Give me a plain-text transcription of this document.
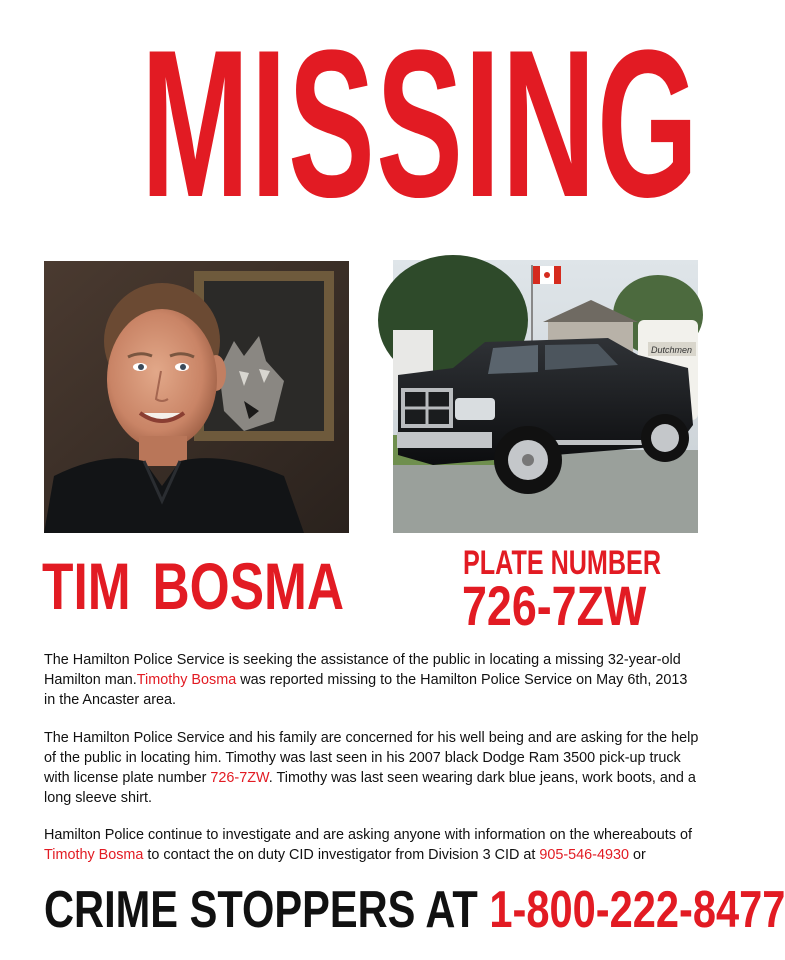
MISSING
Dutchmen
TIM BOSMA	PLATE NUMBER
726-7ZW

The Hamilton Police Service is seeking the assistance of the public in locating a missing 32-year-old Hamilton man.Timothy Bosma was reported missing to the Hamilton Police Service on May 6th, 2013 in the Ancaster area.

The Hamilton Police Service and his family are concerned for his well being and are asking for the help of the public in locating him. Timothy was last seen in his 2007 black Dodge Ram 3500 pick-up truck with license plate number 726-7ZW. Timothy was last seen wearing dark blue jeans, work boots, and a long sleeve shirt.

Hamilton Police continue to investigate and are asking anyone with information on the whereabouts of Timothy Bosma to contact the on duty CID investigator from Division 3 CID at 905-546-4930 or

CRIME STOPPERS AT 1-800-222-8477
